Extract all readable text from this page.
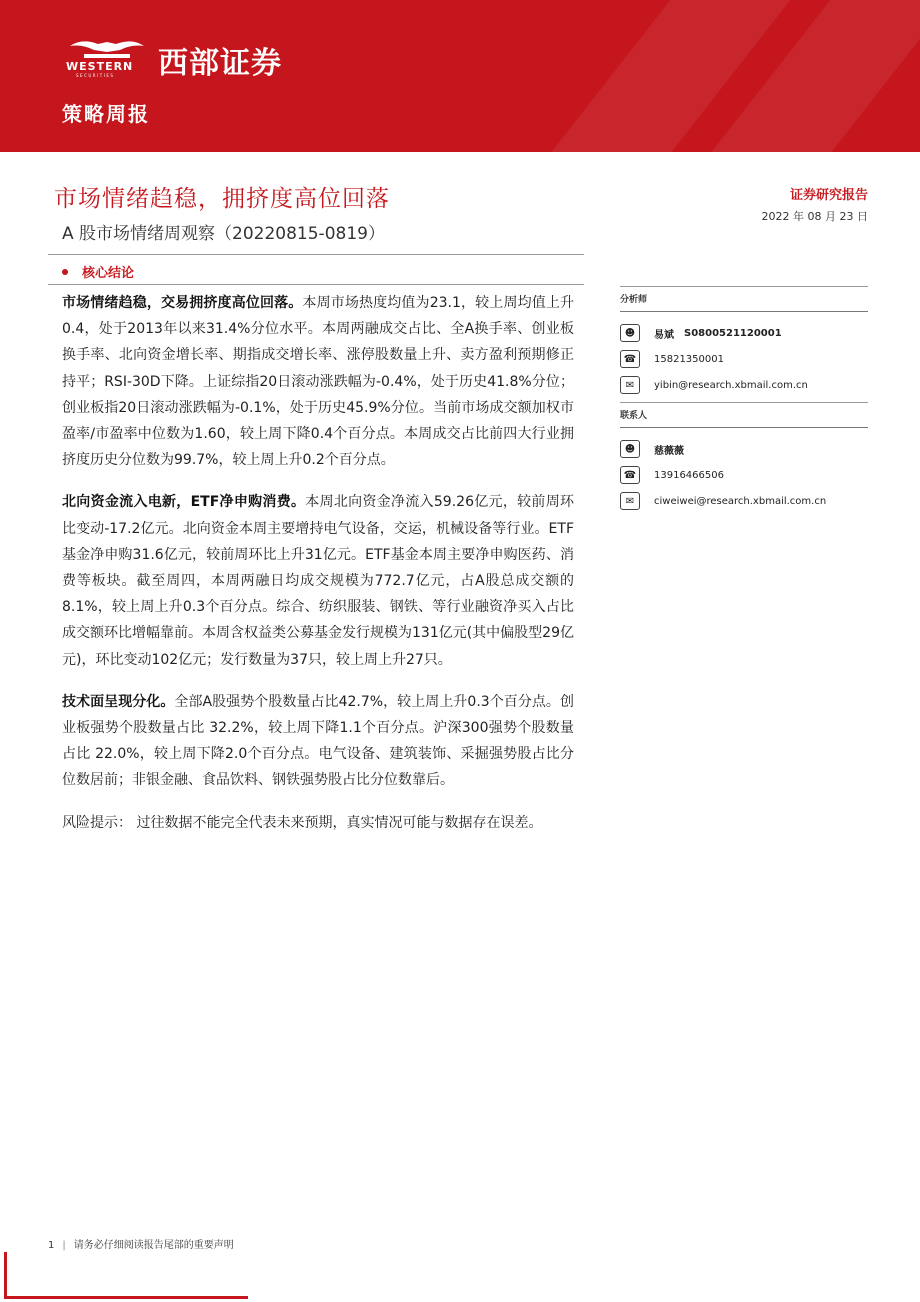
WESTERN
SECURITIES 西部证券
策略周报
市场情绪趋稳，拥挤度高位回落
A 股市场情绪周观察（20220815-0819）
证券研究报告
2022 年 08 月 23 日
核心结论

市场情绪趋稳，交易拥挤度高位回落。本周市场热度均值为23.1，较上周均值上升0.4，处于2013年以来31.4%分位水平。本周两融成交占比、全A换手率、创业板换手率、北向资金增长率、期指成交增长率、涨停股数量上升、卖方盈利预期修正持平；RSI-30D下降。上证综指20日滚动涨跌幅为-0.4%，处于历史41.8%分位；创业板指20日滚动涨跌幅为-0.1%，处于历史45.9%分位。当前市场成交额加权市盈率/市盈率中位数为1.60，较上周下降0.4个百分点。本周成交占比前四大行业拥挤度历史分位数为99.7%，较上周上升0.2个百分点。

北向资金流入电新，ETF净申购消费。本周北向资金净流入59.26亿元，较前周环比变动-17.2亿元。北向资金本周主要增持电气设备，交运，机械设备等行业。ETF基金净申购31.6亿元，较前周环比上升31亿元。ETF基金本周主要净申购医药、消费等板块。截至周四，本周两融日均成交规模为772.7亿元，占A股总成交额的8.1%，较上周上升0.3个百分点。综合、纺织服装、钢铁、等行业融资净买入占比成交额环比增幅靠前。本周含权益类公募基金发行规模为131亿元(其中偏股型29亿元)，环比变动102亿元；发行数量为37只，较上周上升27只。

技术面呈现分化。全部A股强势个股数量占比42.7%，较上周上升0.3个百分点。创业板强势个股数量占比 32.2%，较上周下降1.1个百分点。沪深300强势个股数量占比 22.0%，较上周下降2.0个百分点。电气设备、建筑装饰、采掘强势股占比分位数居前；非银金融、食品饮料、钢铁强势股占比分位数靠后。

风险提示： 过往数据不能完全代表未来预期，真实情况可能与数据存在误差。

分析师
☻	易斌 S0800521120001
☎	15821350001
✉	yibin@research.xbmail.com.cn
联系人
☻	慈薇薇
☎	13916466506
✉	ciweiwei@research.xbmail.com.cn
1 | 请务必仔细阅读报告尾部的重要声明
